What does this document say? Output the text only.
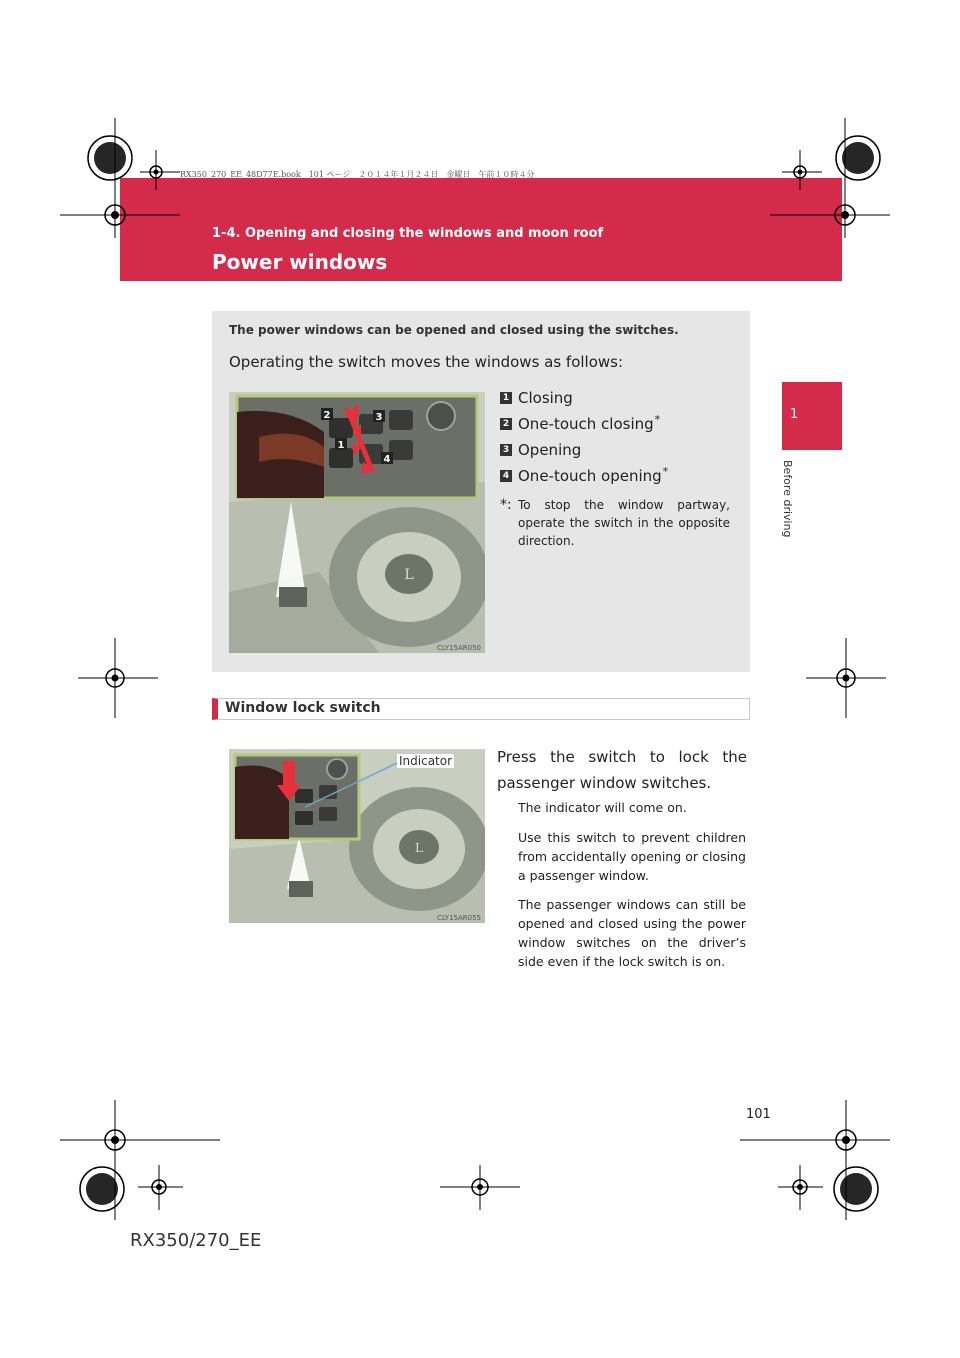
RX350_270_EE_48D77E.book　101 ページ　２０１４年１月２４日　金曜日　午前１０時４分
1-4. Opening and closing the windows and moon roof
Power windows
1
Before driving
The power windows can be opened and closed using the switches.
Operating the switch moves the windows as follows:
L
2	3
1
4
CLY15AR050
1 Closing
2 One-touch closing*
3 Opening
4 One-touch opening*
*: To stop the window partway, operate the switch in the opposite direction.
Window lock switch
L
CLY15AR055
Indicator	Press the switch to lock the passenger window switches.
The indicator will come on.
Use this switch to prevent children from accidentally opening or closing a passenger window.
The passenger windows can still be opened and closed using the power window switches on the driver’s side even if the lock switch is on.
101
RX350/270_EE
